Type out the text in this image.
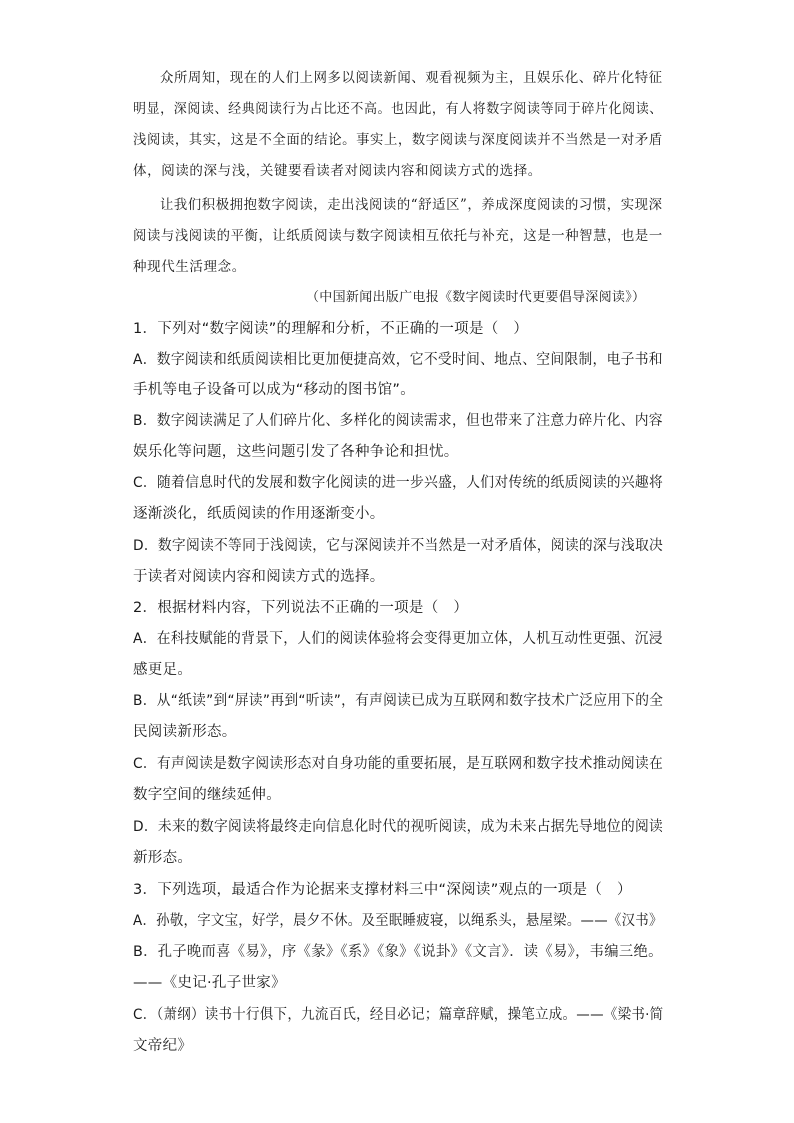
众所周知，现在的人们上网多以阅读新闻、观看视频为主，且娱乐化、碎片化特征
明显，深阅读、经典阅读行为占比还不高。也因此，有人将数字阅读等同于碎片化阅读、
浅阅读，其实，这是不全面的结论。事实上，数字阅读与深度阅读并不当然是一对矛盾
体，阅读的深与浅，关键要看读者对阅读内容和阅读方式的选择。
让我们积极拥抱数字阅读，走出浅阅读的“舒适区”，养成深度阅读的习惯，实现深
阅读与浅阅读的平衡，让纸质阅读与数字阅读相互依托与补充，这是一种智慧，也是一
种现代生活理念。
（中国新闻出版广电报《数字阅读时代更要倡导深阅读》）
1．下列对“数字阅读”的理解和分析，不正确的一项是（　）
A．数字阅读和纸质阅读相比更加便捷高效，它不受时间、地点、空间限制，电子书和
手机等电子设备可以成为“移动的图书馆”。
B．数字阅读满足了人们碎片化、多样化的阅读需求，但也带来了注意力碎片化、内容
娱乐化等问题，这些问题引发了各种争论和担忧。
C．随着信息时代的发展和数字化阅读的进一步兴盛，人们对传统的纸质阅读的兴趣将
逐渐淡化，纸质阅读的作用逐渐变小。
D．数字阅读不等同于浅阅读，它与深阅读并不当然是一对矛盾体，阅读的深与浅取决
于读者对阅读内容和阅读方式的选择。
2．根据材料内容，下列说法不正确的一项是（　）
A．在科技赋能的背景下，人们的阅读体验将会变得更加立体，人机互动性更强、沉浸
感更足。
B．从“纸读”到“屏读”再到“听读”，有声阅读已成为互联网和数字技术广泛应用下的全
民阅读新形态。
C．有声阅读是数字阅读形态对自身功能的重要拓展，是互联网和数字技术推动阅读在
数字空间的继续延伸。
D．未来的数字阅读将最终走向信息化时代的视听阅读，成为未来占据先导地位的阅读
新形态。
3．下列选项，最适合作为论据来支撑材料三中“深阅读”观点的一项是（　）
A．孙敬，字文宝，好学，晨夕不休。及至眠睡疲寝，以绳系头，悬屋梁。——《汉书》
B．孔子晚而喜《易》，序《彖》《系》《象》《说卦》《文言》．读《易》，韦编三绝。
——《史记·孔子世家》
C．（萧纲）读书十行俱下，九流百氏，经目必记；篇章辞赋，操笔立成。——《梁书·简
文帝纪》
